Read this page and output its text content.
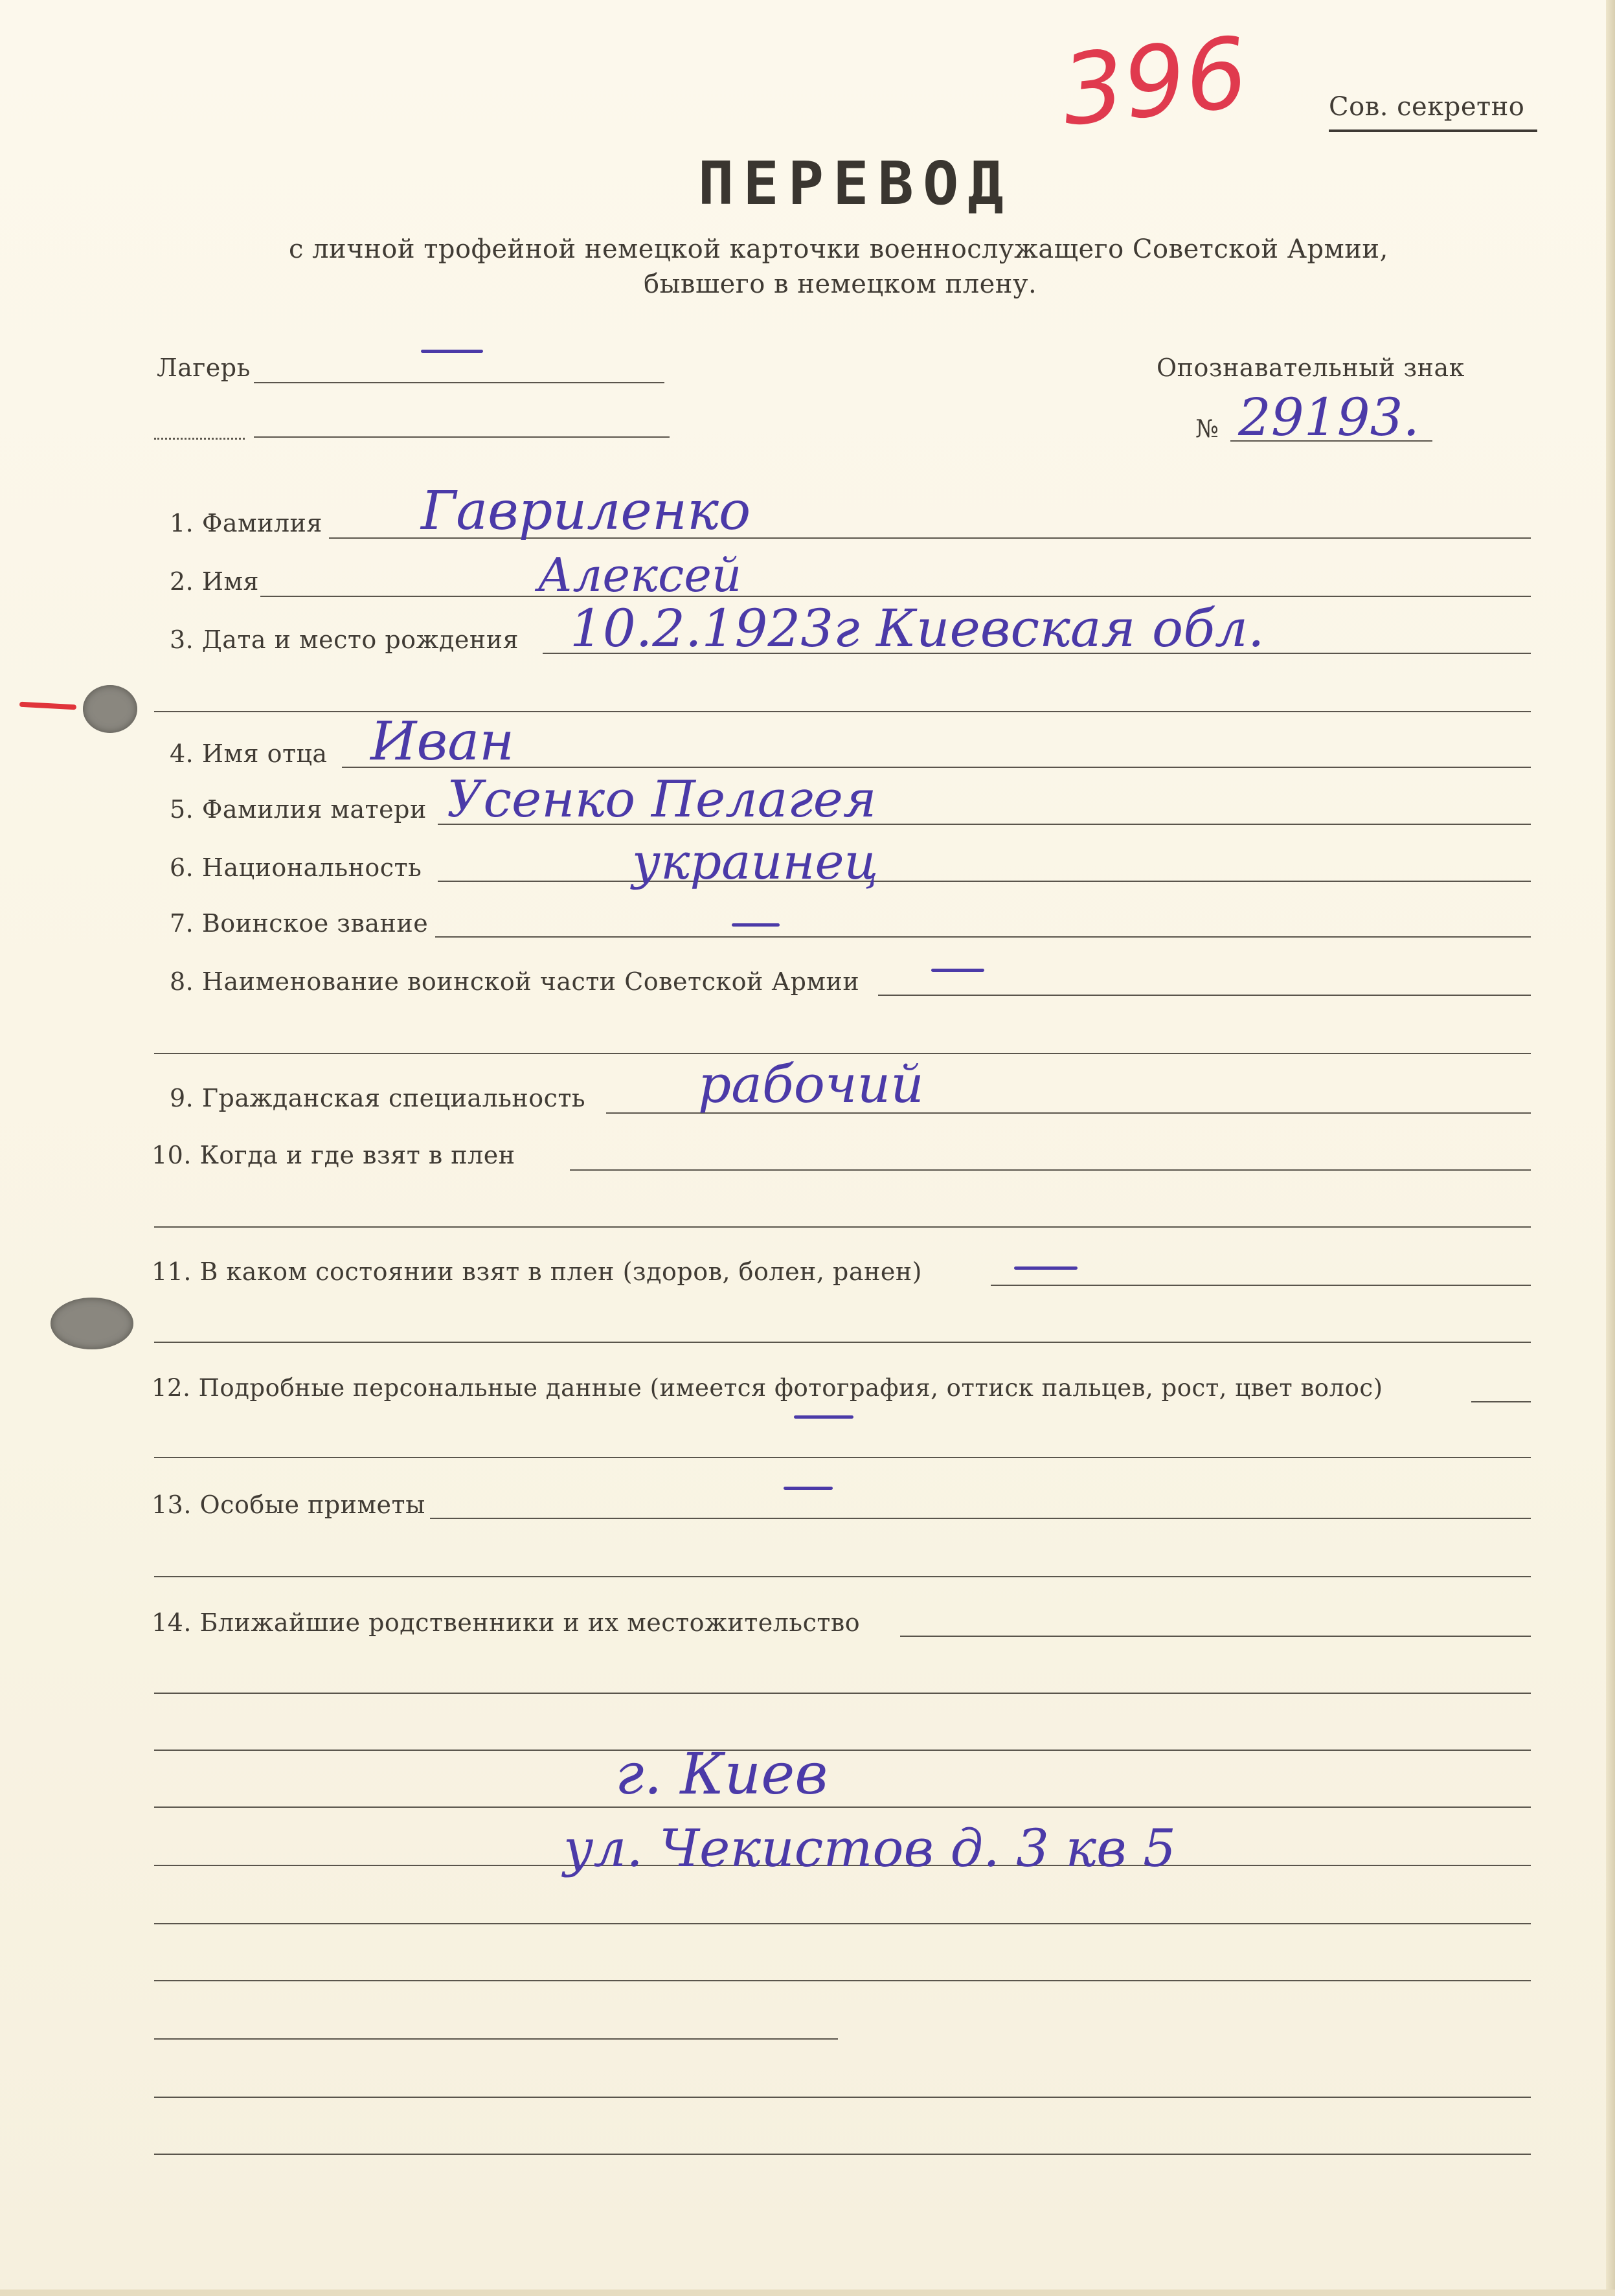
396	Сов. секретно
ПЕРЕВОД
с личной трофейной немецкой карточки военнослужащего Советской Армии,
бывшего в немецком плену.
Лагерь	Опознавательный знак
№ 29193.
1. Фамилия Гавриленко
2. Имя	Алексей
3. Дата и место рождения 10.2.1923г Киевская обл.
4. Имя отца Иван
5. Фамилия матери Усенко Пелагея
6. Национальность	украинец
7. Воинское звание
8. Наименование воинской части Советской Армии
9. Гражданская специальность рабочий
10. Когда и где взят в плен
11. В каком состоянии взят в плен (здоров, болен, ранен)
12. Подробные персональные данные (имеется фотография, оттиск пальцев, рост, цвет волос)
13. Особые приметы
14. Ближайшие родственники и их местожительство
г. Киев
ул. Чекистов д. 3 кв 5
